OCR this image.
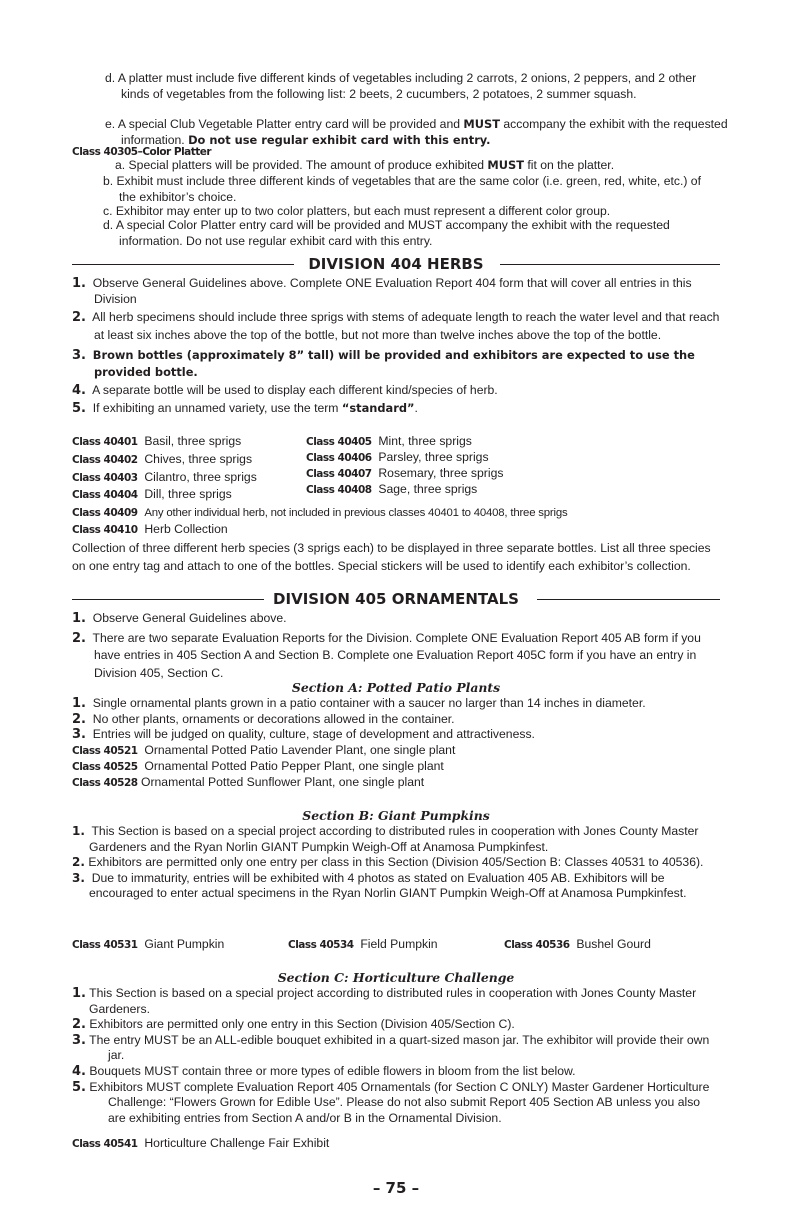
d. A platter must include five different kinds of vegetables including 2 carrots, 2 onions, 2 peppers, and 2 other kinds of vegetables from the following list: 2 beets, 2 cucumbers, 2 potatoes, 2 summer squash.
e. A special Club Vegetable Platter entry card will be provided and MUST accompany the exhibit with the requested information. Do not use regular exhibit card with this entry.
Class 40305–Color Platter
a. Special platters will be provided. The amount of produce exhibited MUST fit on the platter.
b. Exhibit must include three different kinds of vegetables that are the same color (i.e. green, red, white, etc.) of the exhibitor’s choice.
c. Exhibitor may enter up to two color platters, but each must represent a different color group.
d. A special Color Platter entry card will be provided and MUST accompany the exhibit with the requested information. Do not use regular exhibit card with this entry.
DIVISION 404 HERBS
1. Observe General Guidelines above. Complete ONE Evaluation Report 404 form that will cover all entries in this Division
2. All herb specimens should include three sprigs with stems of adequate length to reach the water level and that reach at least six inches above the top of the bottle, but not more than twelve inches above the top of the bottle.
3. Brown bottles (approximately 8” tall) will be provided and exhibitors are expected to use the provided bottle.
4. A separate bottle will be used to display each different kind/species of herb.
5. If exhibiting an unnamed variety, use the term “standard”.
Class 40401 Basil, three sprigs
Class 40402 Chives, three sprigs
Class 40403 Cilantro, three sprigs
Class 40404 Dill, three sprigs
Class 40405 Mint, three sprigs
Class 40406 Parsley, three sprigs
Class 40407 Rosemary, three sprigs
Class 40408 Sage, three sprigs
Class 40409 Any other individual herb, not included in previous classes 40401 to 40408, three sprigs
Class 40410 Herb Collection
Collection of three different herb species (3 sprigs each) to be displayed in three separate bottles. List all three species on one entry tag and attach to one of the bottles. Special stickers will be used to identify each exhibitor’s collection.
DIVISION 405 ORNAMENTALS
1. Observe General Guidelines above.
2. There are two separate Evaluation Reports for the Division. Complete ONE Evaluation Report 405 AB form if you have entries in 405 Section A and Section B. Complete one Evaluation Report 405C form if you have an entry in Division 405, Section C.
Section A: Potted Patio Plants
1. Single ornamental plants grown in a patio container with a saucer no larger than 14 inches in diameter.
2. No other plants, ornaments or decorations allowed in the container.
3. Entries will be judged on quality, culture, stage of development and attractiveness.
Class 40521 Ornamental Potted Patio Lavender Plant, one single plant
Class 40525 Ornamental Potted Patio Pepper Plant, one single plant
Class 40528 Ornamental Potted Sunflower Plant, one single plant
Section B: Giant Pumpkins
1. This Section is based on a special project according to distributed rules in cooperation with Jones County Master Gardeners and the Ryan Norlin GIANT Pumpkin Weigh-Off at Anamosa Pumpkinfest.
2. Exhibitors are permitted only one entry per class in this Section (Division 405/Section B: Classes 40531 to 40536).
3. Due to immaturity, entries will be exhibited with 4 photos as stated on Evaluation 405 AB. Exhibitors will be encouraged to enter actual specimens in the Ryan Norlin GIANT Pumpkin Weigh-Off at Anamosa Pumpkinfest.
Class 40531 Giant Pumpkin	Class 40534 Field Pumpkin	Class 40536 Bushel Gourd
Section C: Horticulture Challenge
1. This Section is based on a special project according to distributed rules in cooperation with Jones County Master Gardeners.
2. Exhibitors are permitted only one entry in this Section (Division 405/Section C).
3. The entry MUST be an ALL-edible bouquet exhibited in a quart-sized mason jar. The exhibitor will provide their own jar.
4. Bouquets MUST contain three or more types of edible flowers in bloom from the list below.
5. Exhibitors MUST complete Evaluation Report 405 Ornamentals (for Section C ONLY) Master Gardener Horticulture Challenge: “Flowers Grown for Edible Use”. Please do not also submit Report 405 Section AB unless you also are exhibiting entries from Section A and/or B in the Ornamental Division.
Class 40541 Horticulture Challenge Fair Exhibit
– 75 –
